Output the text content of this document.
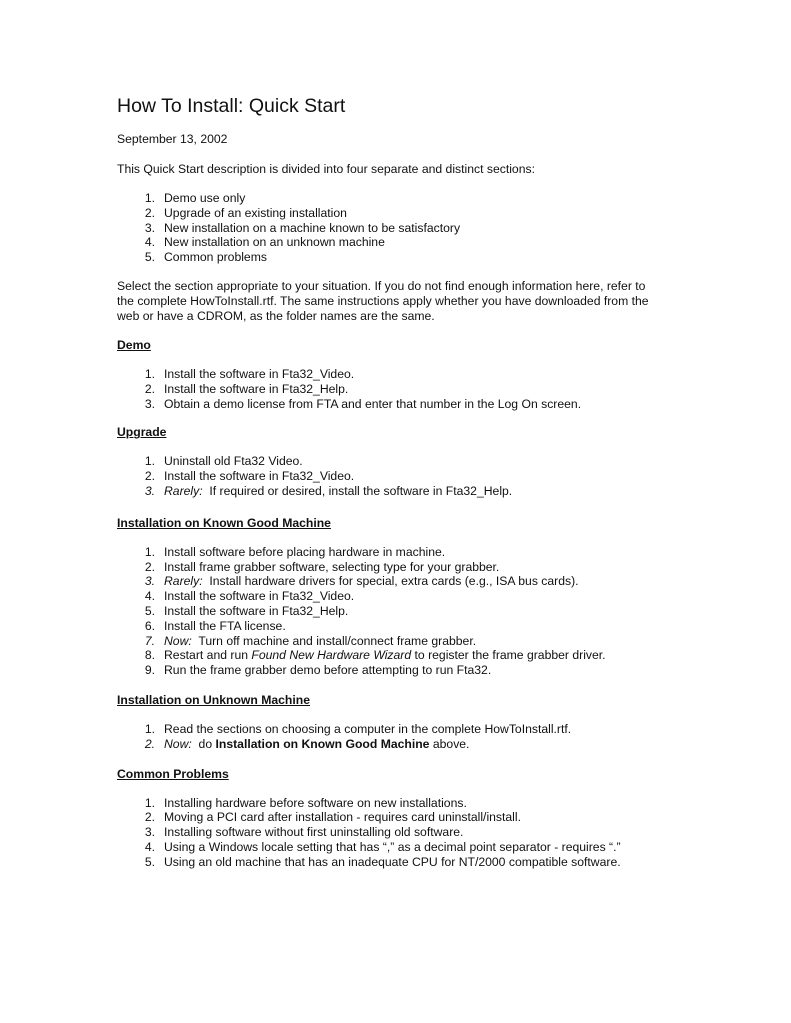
How To Install: Quick Start
September 13, 2002
This Quick Start description is divided into four separate and distinct sections:
1. Demo use only
2. Upgrade of an existing installation
3. New installation on a machine known to be satisfactory
4. New installation on an unknown machine
5. Common problems
Select the section appropriate to your situation. If you do not find enough information here, refer to
the complete HowToInstall.rtf. The same instructions apply whether you have downloaded from the
web or have a CDROM, as the folder names are the same.
Demo
1. Install the software in Fta32_Video.
2. Install the software in Fta32_Help.
3. Obtain a demo license from FTA and enter that number in the Log On screen.
Upgrade
1. Uninstall old Fta32 Video.
2. Install the software in Fta32_Video.
3. Rarely:  If required or desired, install the software in Fta32_Help.
Installation on Known Good Machine
1. Install software before placing hardware in machine.
2. Install frame grabber software, selecting type for your grabber.
3. Rarely:  Install hardware drivers for special, extra cards (e.g., ISA bus cards).
4. Install the software in Fta32_Video.
5. Install the software in Fta32_Help.
6. Install the FTA license.
7. Now:  Turn off machine and install/connect frame grabber.
8. Restart and run Found New Hardware Wizard to register the frame grabber driver.
9. Run the frame grabber demo before attempting to run Fta32.
Installation on Unknown Machine
1. Read the sections on choosing a computer in the complete HowToInstall.rtf.
2. Now:  do Installation on Known Good Machine above.
Common Problems
1. Installing hardware before software on new installations.
2. Moving a PCI card after installation - requires card uninstall/install.
3. Installing software without first uninstalling old software.
4. Using a Windows locale setting that has “,” as a decimal point separator - requires “.”
5. Using an old machine that has an inadequate CPU for NT/2000 compatible software.
